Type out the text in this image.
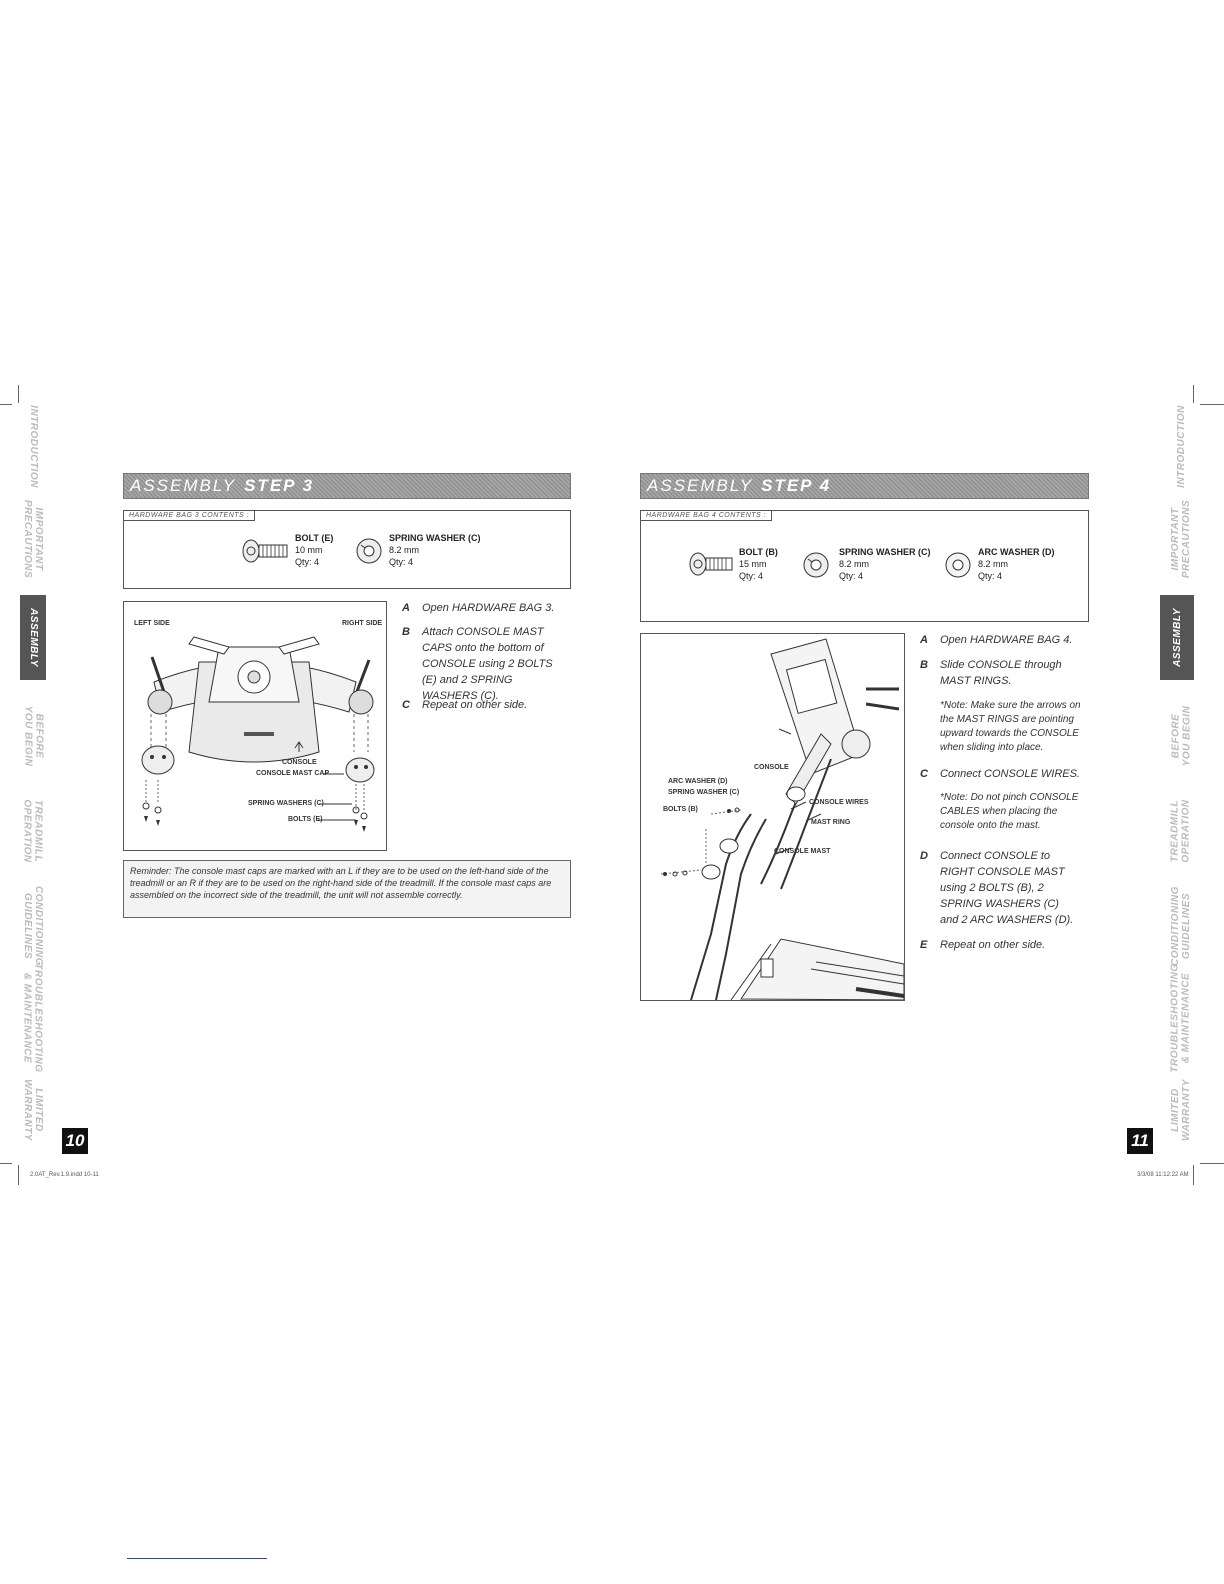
INTRODUCTION
IMPORTANT
PRECAUTIONS
ASSEMBLY
BEFORE
YOU BEGIN
TREADMILL
OPERATION
CONDITIONING
GUIDELINES
TROUBLESHOOTING
& MAINTENANCE
LIMITED
WARRANTY
INTRODUCTION
IMPORTANT
PRECAUTIONS
ASSEMBLY
BEFORE
YOU BEGIN
TREADMILL
OPERATION
CONDITIONING
GUIDELINES
TROUBLESHOOTING
& MAINTENANCE
LIMITED
WARRANTY
ASSEMBLY STEP 3
HARDWARE BAG 3 CONTENTS :
BOLT (E)
10 mm
Qty: 4
SPRING WASHER (C)
8.2 mm
Qty: 4
LEFT SIDE	RIGHT SIDE
CONSOLE
CONSOLE MAST CAP
SPRING WASHERS (C)
BOLTS (E)
A Open HARDWARE BAG 3.
B Attach CONSOLE MAST CAPS onto the bottom of CONSOLE using 2 BOLTS (E) and 2 SPRING WASHERS (C).
C Repeat on other side.
Reminder: The console mast caps are marked with an L if they are to be used on the left-hand side of the treadmill or an R if they are to be used on the right-hand side of the treadmill. If the console mast caps are assembled on the incorrect side of the treadmill, the unit will not assemble correctly.
10
2.0AT_Rev.1.9.indd 10-11
ASSEMBLY STEP 4
HARDWARE BAG 4 CONTENTS :
BOLT (B)
15 mm
Qty: 4
SPRING WASHER (C)
8.2 mm
Qty: 4
ARC WASHER (D)
8.2 mm
Qty: 4
CONSOLE
ARC WASHER (D)
SPRING WASHER (C)
BOLTS (B)
CONSOLE WIRES
MAST RING
CONSOLE MAST
A Open HARDWARE BAG 4.
B Slide CONSOLE through MAST RINGS.
*Note: Make sure the arrows on the MAST RINGS are pointing upward towards the CONSOLE when sliding into place.
C Connect CONSOLE WIRES.
*Note: Do not pinch CONSOLE CABLES when placing the console onto the mast.
D Connect CONSOLE to RIGHT CONSOLE MAST using 2 BOLTS (B), 2 SPRING WASHERS (C) and 2 ARC WASHERS (D).
E Repeat on other side.
11
3/3/08 11:12:22 AM
